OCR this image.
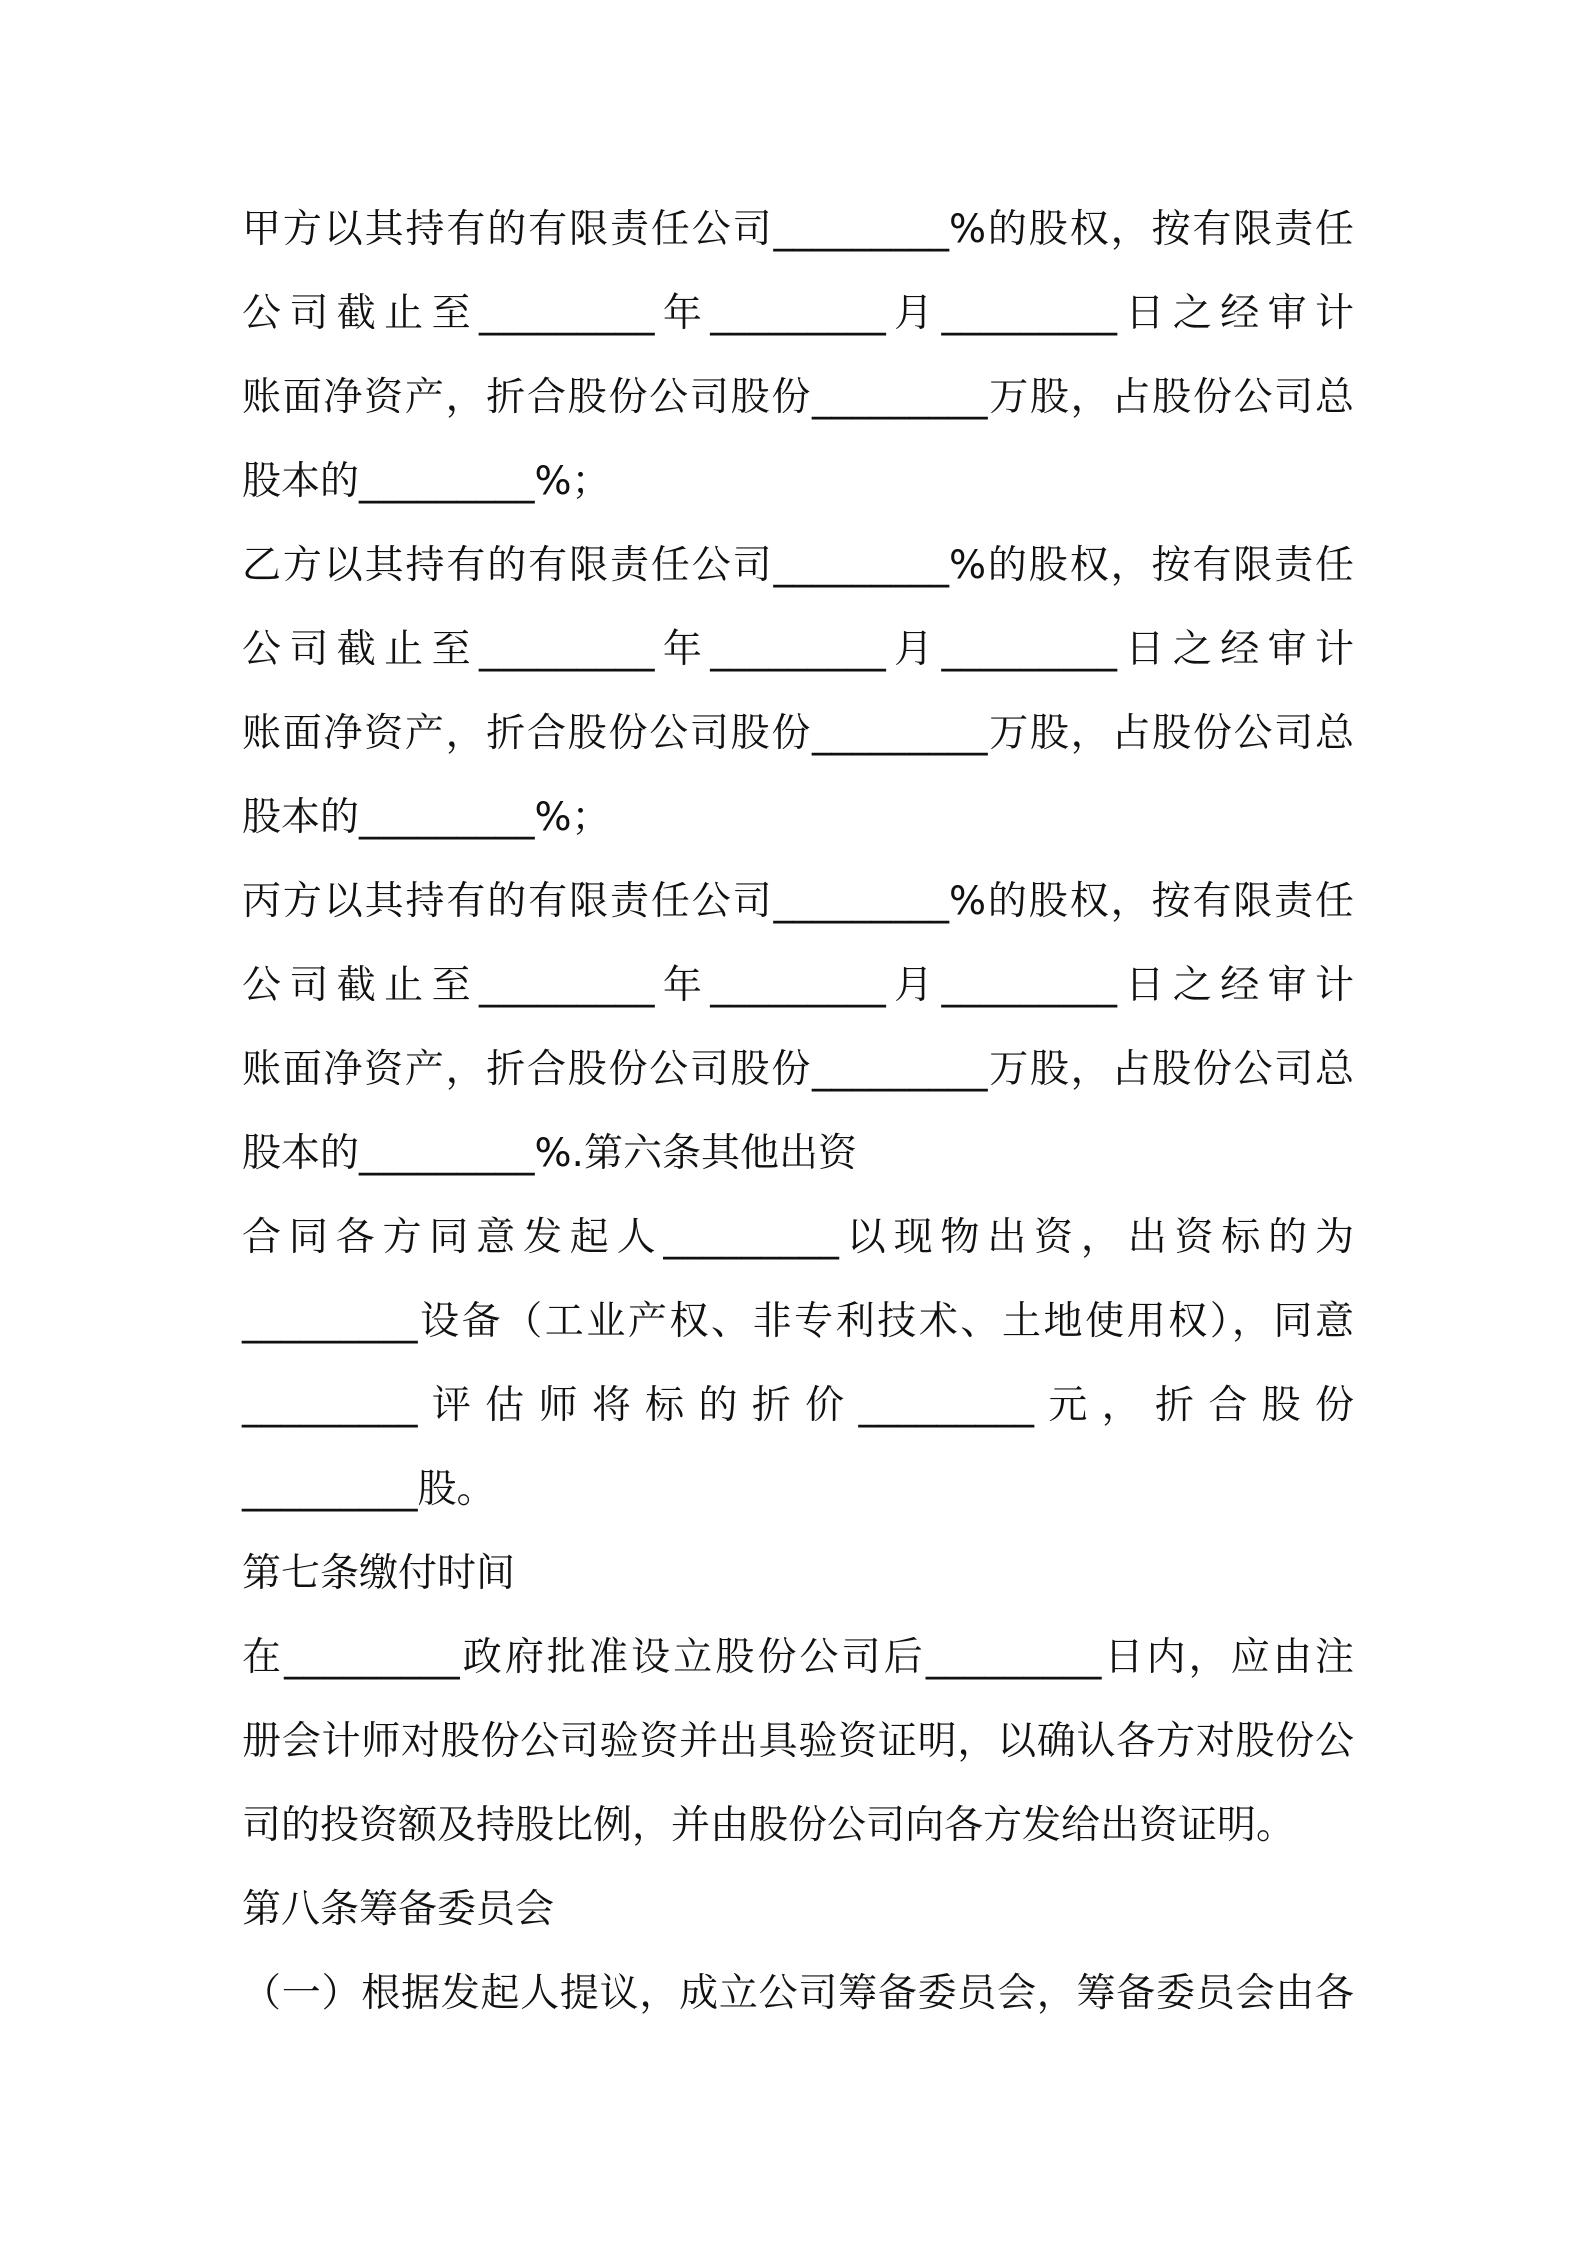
甲方以其持有的有限责任公司_________%的股权，按有限责任
公司截止至_________年_________月_________日之经审计
账面净资产，折合股份公司股份_________万股，占股份公司总
股本的_________%；
乙方以其持有的有限责任公司_________%的股权，按有限责任
公司截止至_________年_________月_________日之经审计
账面净资产，折合股份公司股份_________万股，占股份公司总
股本的_________%；
丙方以其持有的有限责任公司_________%的股权，按有限责任
公司截止至_________年_________月_________日之经审计
账面净资产，折合股份公司股份_________万股，占股份公司总
股本的_________%.第六条其他出资
合同各方同意发起人_________以现物出资，出资标的为
_________设备（工业产权、非专利技术、土地使用权），同意
_________评估师将标的折价_________元，折合股份
_________股。
第七条缴付时间
在_________政府批准设立股份公司后_________日内，应由注
册会计师对股份公司验资并出具验资证明，以确认各方对股份公
司的投资额及持股比例，并由股份公司向各方发给出资证明。
第八条筹备委员会
（一）根据发起人提议，成立公司筹备委员会，筹备委员会由各
